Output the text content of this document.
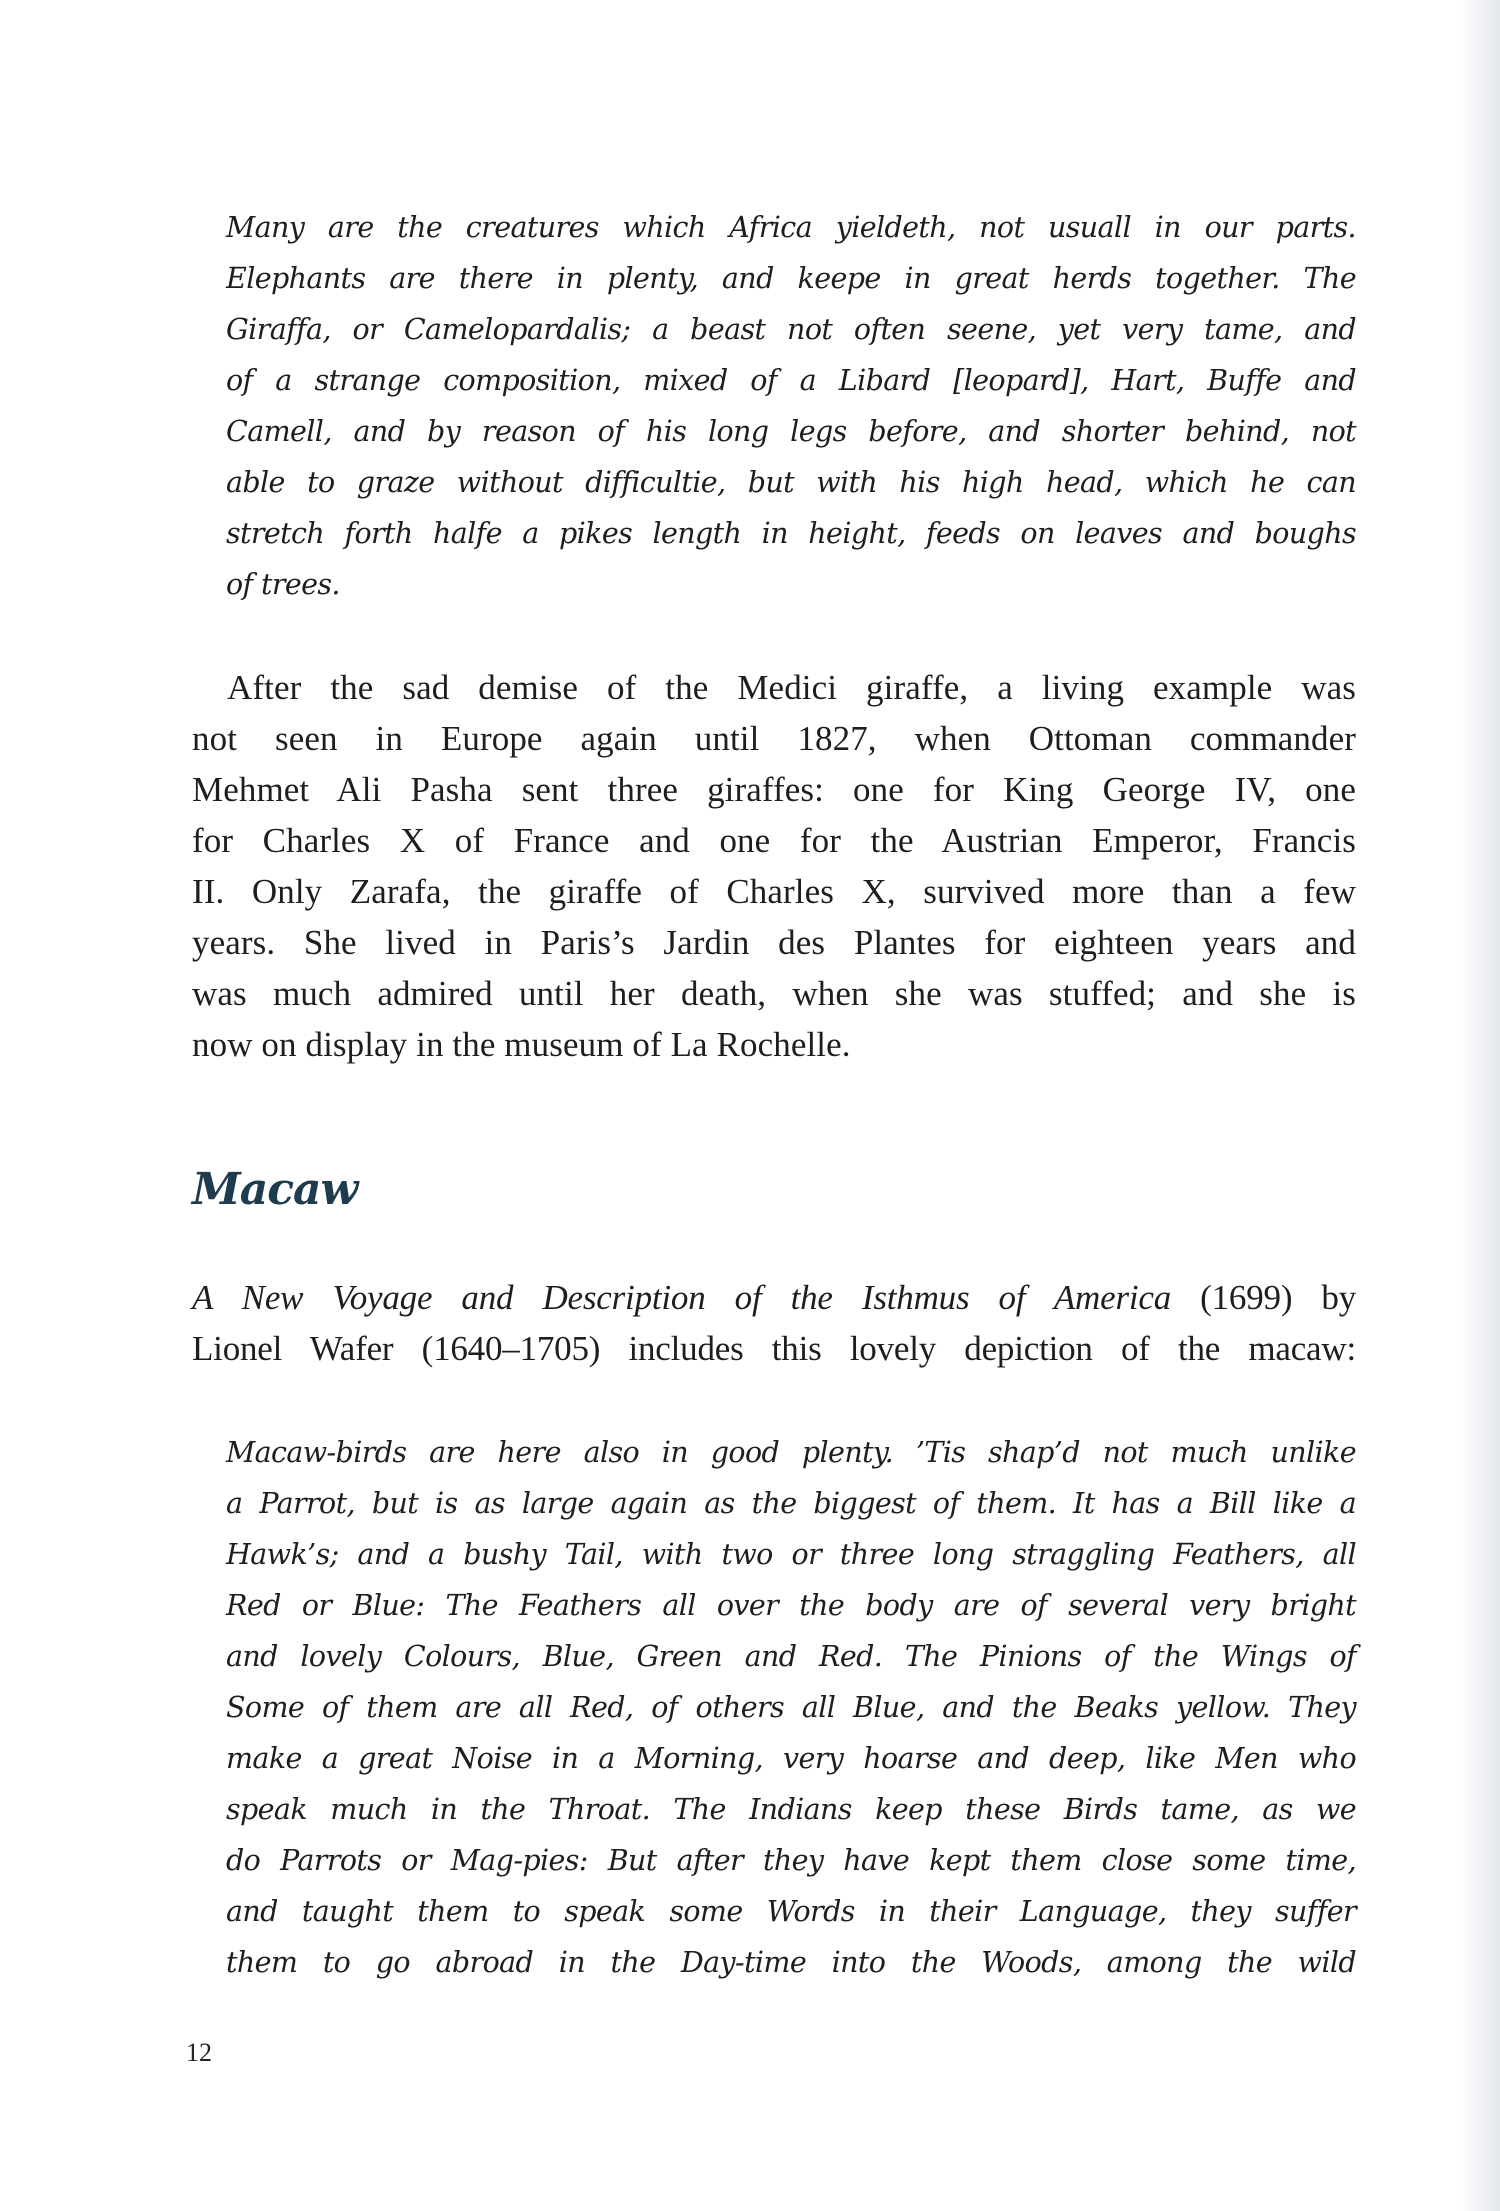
Many are the creatures which Africa yieldeth, not usuall in our parts.
Elephants are there in plenty, and keepe in great herds together. The
Giraffa, or Camelopardalis; a beast not often seene, yet very tame, and
of a strange composition, mixed of a Libard [leopard], Hart, Buffe and
Camell, and by reason of his long legs before, and shorter behind, not
able to graze without difficultie, but with his high head, which he can
stretch forth halfe a pikes length in height, feeds on leaves and boughs
of trees.
After the sad demise of the Medici giraffe, a living example was
not seen in Europe again until 1827, when Ottoman commander
Mehmet Ali Pasha sent three giraffes: one for King George IV, one
for Charles X of France and one for the Austrian Emperor, Francis
II. Only Zarafa, the giraffe of Charles X, survived more than a few
years. She lived in Paris’s Jardin des Plantes for eighteen years and
was much admired until her death, when she was stuffed; and she is
now on display in the museum of La Rochelle.
Macaw
A New Voyage and Description of the Isthmus of America (1699) by
Lionel Wafer (1640–1705) includes this lovely depiction of the macaw:
Macaw-birds are here also in good plenty. ’Tis shap’d not much unlike
a Parrot, but is as large again as the biggest of them. It has a Bill like a
Hawk’s; and a bushy Tail, with two or three long straggling Feathers, all
Red or Blue: The Feathers all over the body are of several very bright
and lovely Colours, Blue, Green and Red. The Pinions of the Wings of
Some of them are all Red, of others all Blue, and the Beaks yellow. They
make a great Noise in a Morning, very hoarse and deep, like Men who
speak much in the Throat. The Indians keep these Birds tame, as we
do Parrots or Mag-pies: But after they have kept them close some time,
and taught them to speak some Words in their Language, they suffer
them to go abroad in the Day-time into the Woods, among the wild
12
